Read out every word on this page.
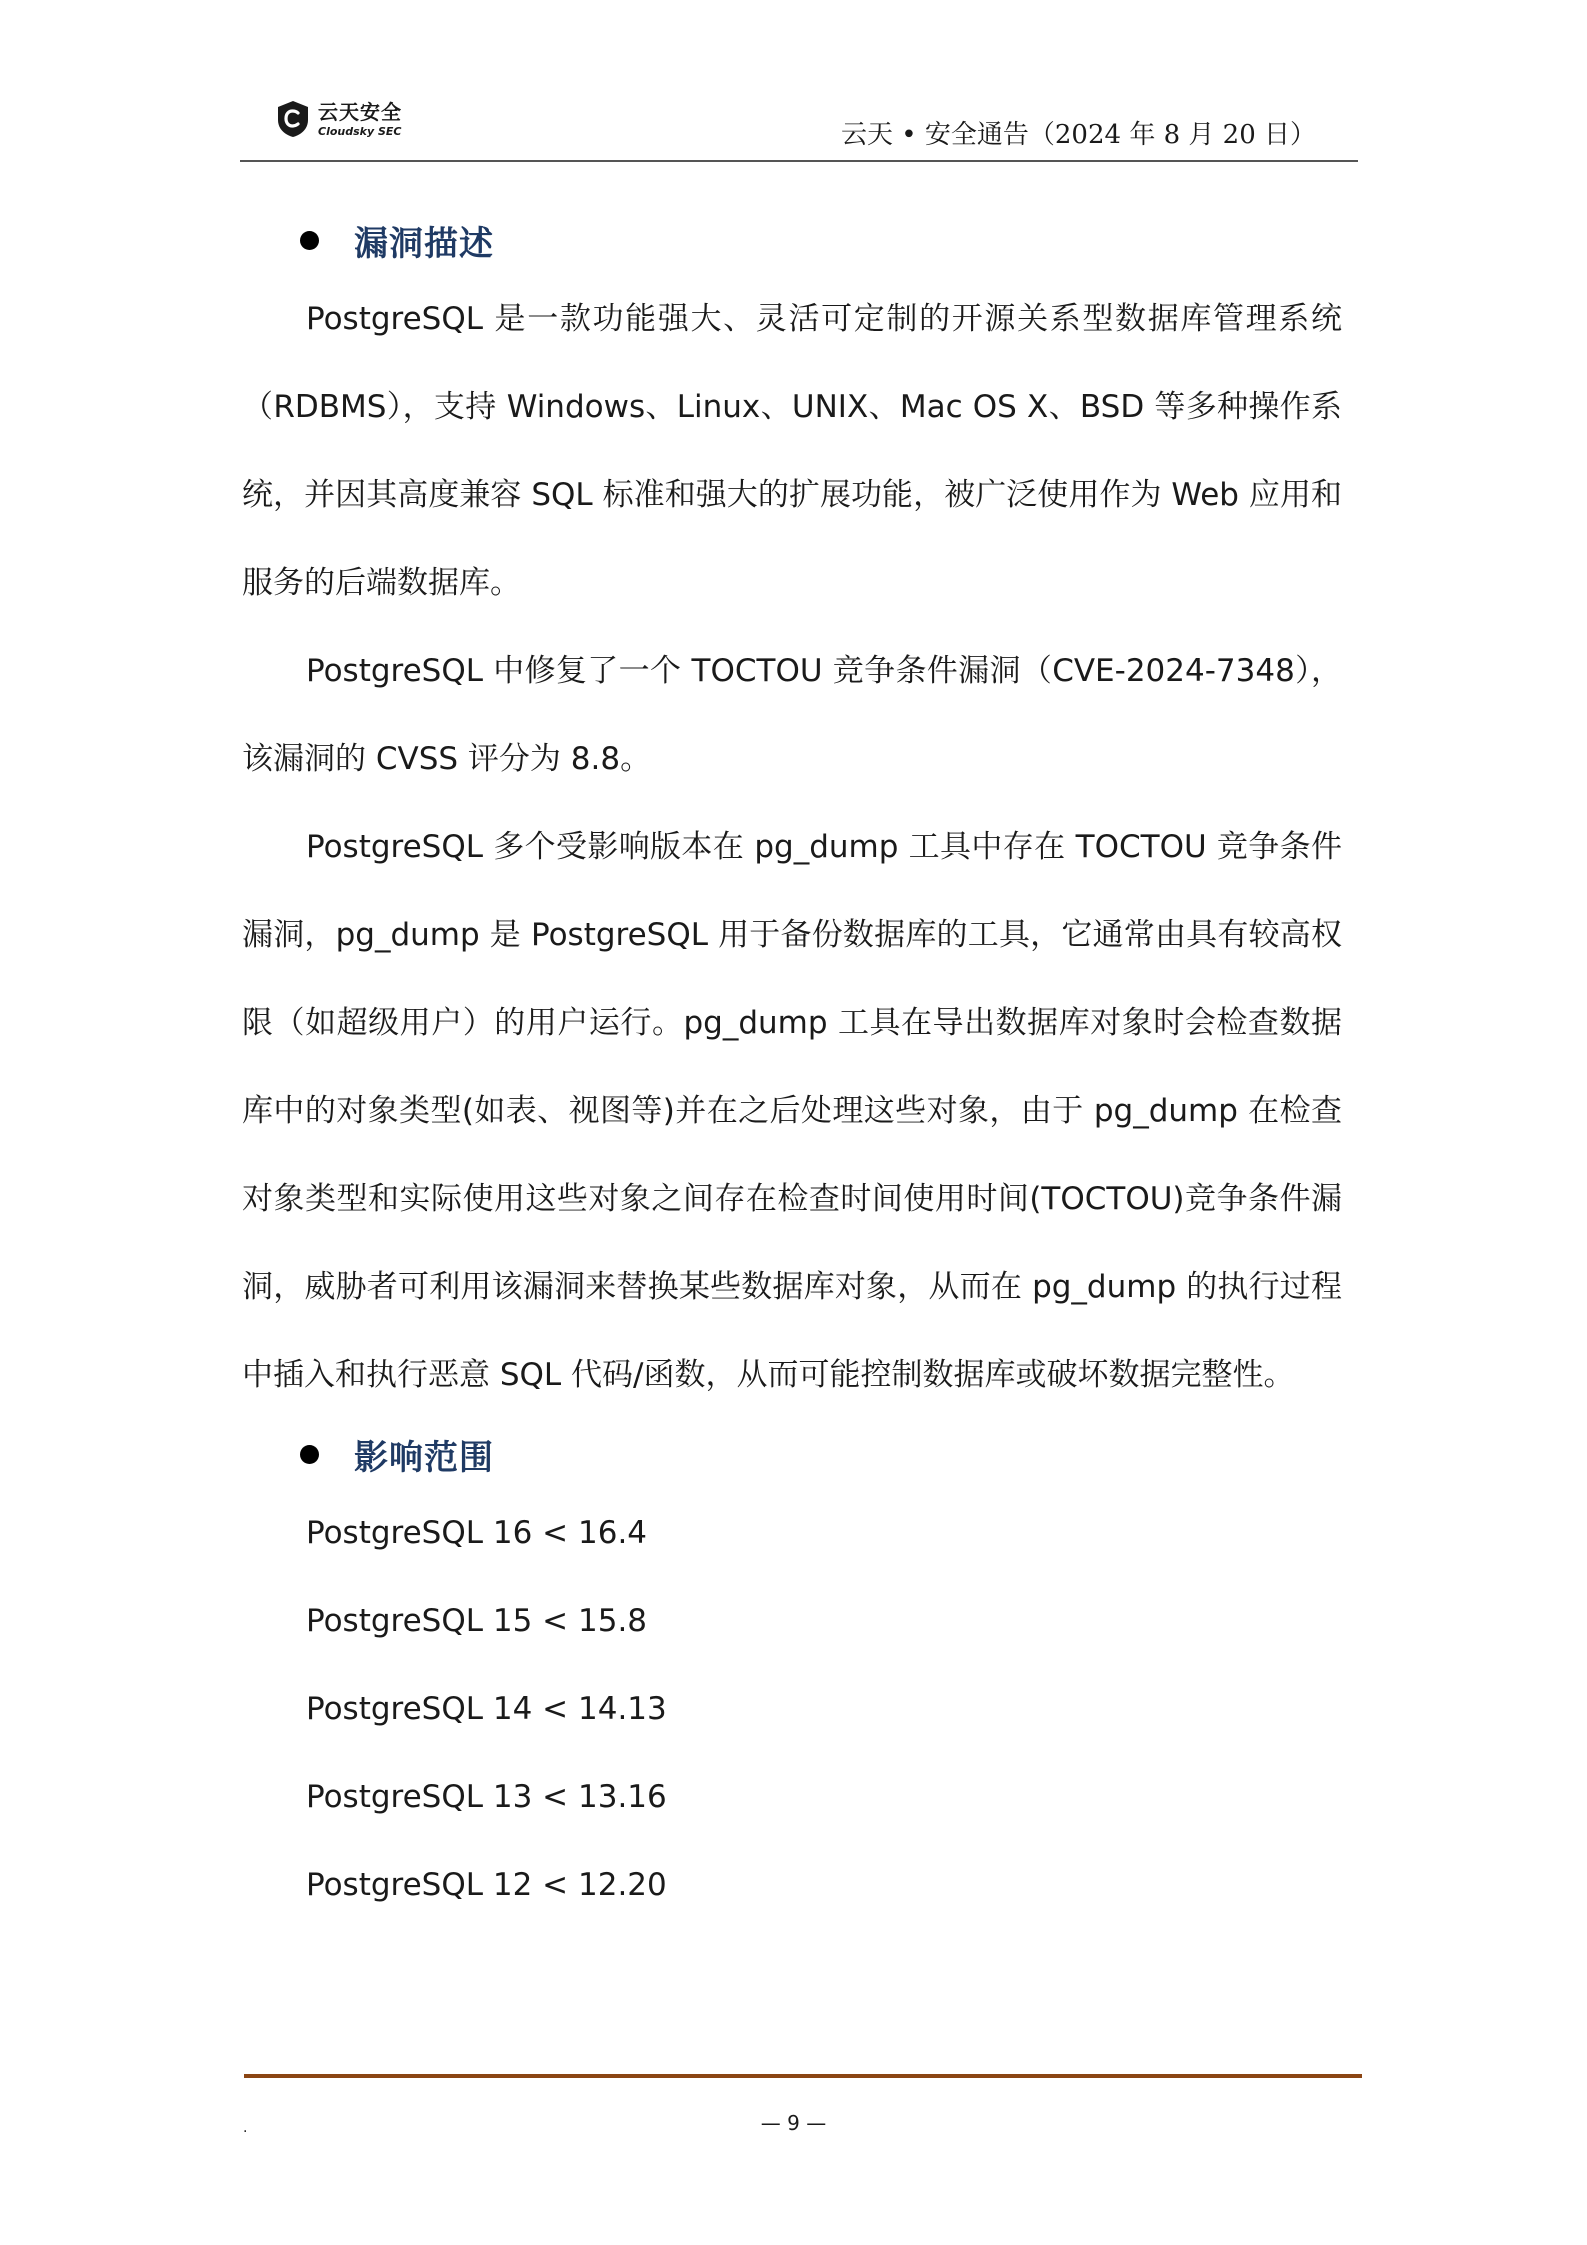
云天安全
Cloudsky SEC	云天 • 安全通告（2024 年 8 月 20 日）
漏洞描述

PostgreSQL 是一款功能强大、灵活可定制的开源关系型数据库管理系统（RDBMS），支持 Windows、Linux、UNIX、Mac OS X、BSD 等多种操作系统，并因其高度兼容 SQL 标准和强大的扩展功能，被广泛使用作为 Web 应用和服务的后端数据库。

PostgreSQL 中修复了一个 TOCTOU 竞争条件漏洞（CVE-2024-7348），该漏洞的 CVSS 评分为 8.8。

PostgreSQL 多个受影响版本在 pg_dump 工具中存在 TOCTOU 竞争条件漏洞，pg_dump 是 PostgreSQL 用于备份数据库的工具，它通常由具有较高权限（如超级用户）的用户运行。pg_dump 工具在导出数据库对象时会检查数据库中的对象类型(如表、视图等)并在之后处理这些对象，由于 pg_dump 在检查对象类型和实际使用这些对象之间存在检查时间使用时间(TOCTOU)竞争条件漏洞，威胁者可利用该漏洞来替换某些数据库对象，从而在 pg_dump 的执行过程中插入和执行恶意 SQL 代码/函数，从而可能控制数据库或破坏数据完整性。

影响范围
PostgreSQL 16 < 16.4
PostgreSQL 15 < 15.8
PostgreSQL 14 < 14.13
PostgreSQL 13 < 13.16
PostgreSQL 12 < 12.20
.	— 9 —
